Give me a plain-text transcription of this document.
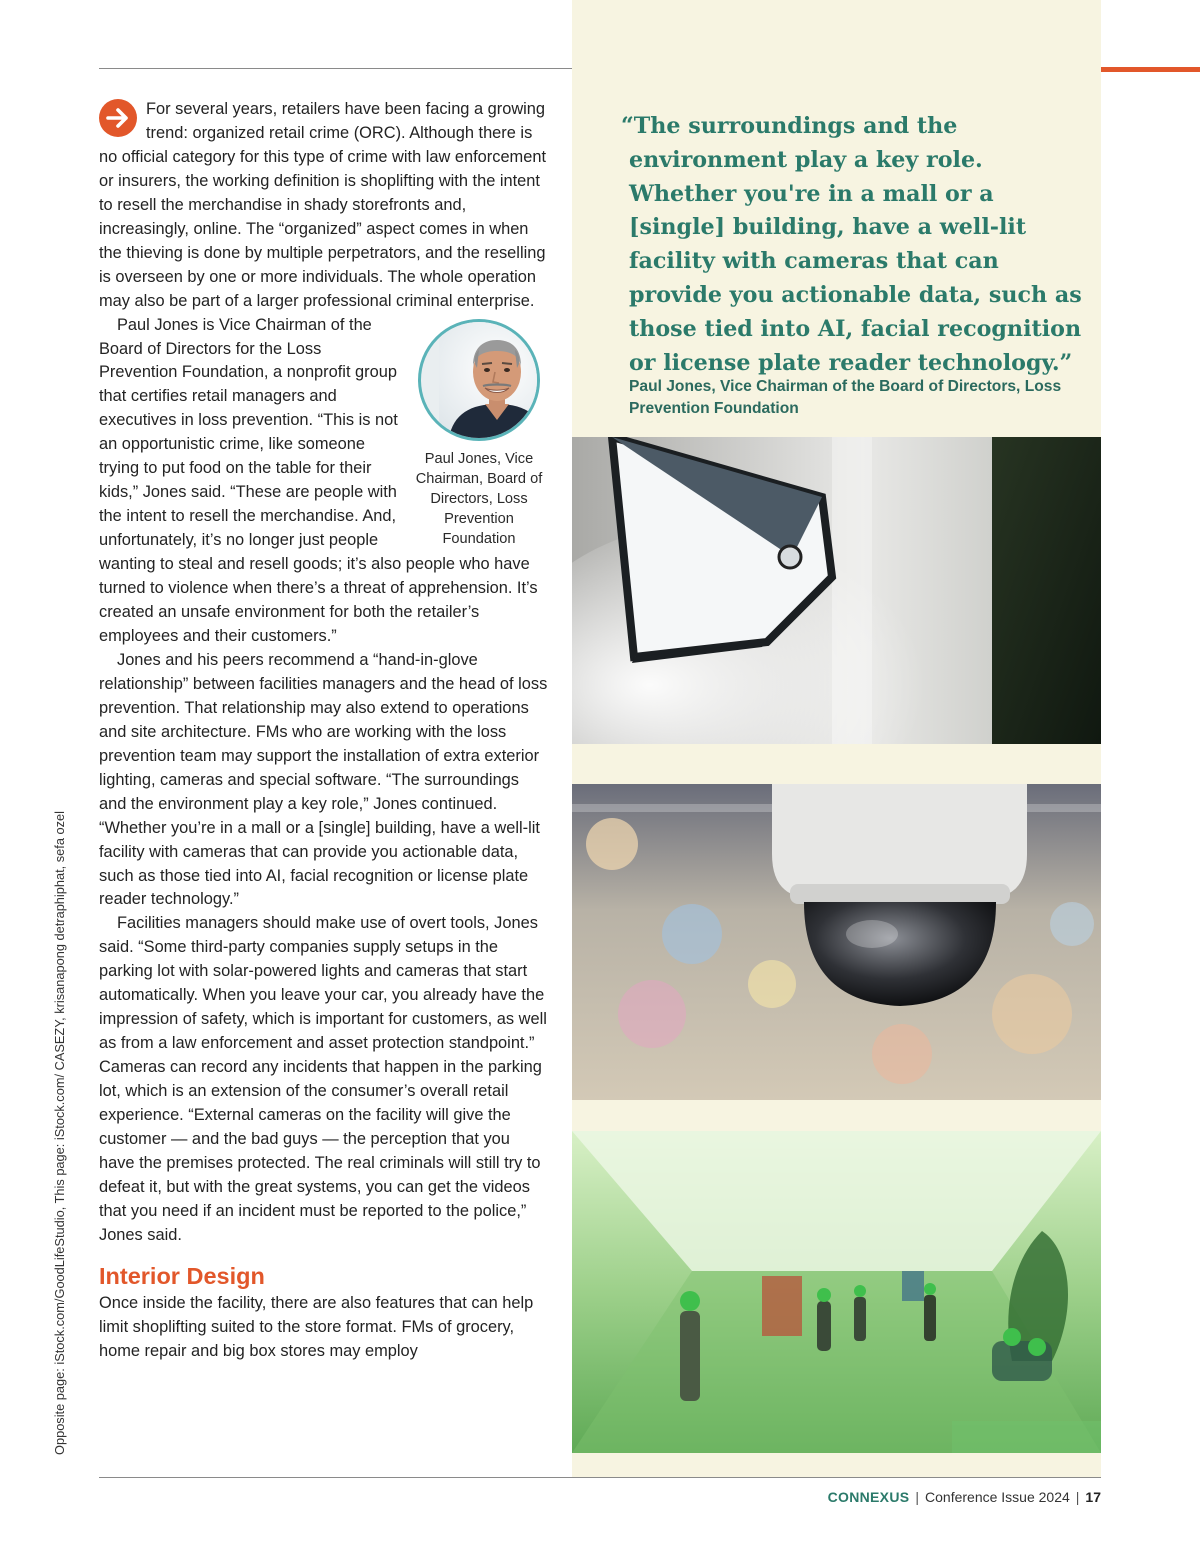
For several years, retailers have been facing a growing trend: organized retail crime (ORC). Although there is no official category for this type of crime with law enforcement or insurers, the working definition is shoplifting with the intent to resell the merchandise in shady storefronts and, increasingly, online. The “organized” aspect comes in when the thieving is done by multiple perpetrators, and the reselling is overseen by one or more individuals. The whole operation may also be part of a larger professional criminal enterprise.

Paul Jones, Vice Chairman, Board of Directors, Loss Prevention Foundation
Paul Jones is Vice Chairman of the Board of Directors for the Loss Prevention Foundation, a nonprofit group that certifies retail managers and executives in loss prevention. “This is not an opportunistic crime, like someone trying to put food on the table for their kids,” Jones said. “These are people with the intent to resell the merchandise. And, unfortunately, it’s no longer just people wanting to steal and resell goods; it’s also people who have turned to violence when there’s a threat of apprehension. It’s created an unsafe environment for both the retailer’s employees and their customers.”

Jones and his peers recommend a “hand-in-glove relationship” between facilities managers and the head of loss prevention. That relationship may also extend to operations and site architecture. FMs who are working with the loss prevention team may support the installation of extra exterior lighting, cameras and special software. “The surroundings and the environment play a key role,” Jones continued. “Whether you’re in a mall or a [single] building, have a well-lit facility with cameras that can provide you actionable data, such as those tied into AI, facial recognition or license plate reader technology.”

Facilities managers should make use of overt tools, Jones said. “Some third-party companies supply setups in the parking lot with solar-powered lights and cameras that start automatically. When you leave your car, you already have the impression of safety, which is important for customers, as well as from a law enforcement and asset protection standpoint.” Cameras can record any incidents that happen in the parking lot, which is an extension of the consumer’s overall retail experience. “External cameras on the facility will give the customer — and the bad guys — the perception that you have the premises protected. The real criminals will still try to defeat it, but with the great systems, you can get the videos that you need if an incident must be reported to the police,” Jones said.

Interior Design

Once inside the facility, there are also features that can help limit shoplifting suited to the store format. FMs of grocery, home repair and big box stores may employ

“The surroundings and the environment play a key role. Whether you're in a mall or a [single] building, have a well-lit facility with cameras that can provide you actionable data, such as those tied into AI, facial recognition or license plate reader technology.”

Paul Jones, Vice Chairman of the Board of Directors, Loss Prevention Foundation

Opposite page: iStock.com/GoodLifeStudio, This page: iStock.com/ CASEZY, krisanapong detraphiphat, sefa ozel
CONNEXUS | Conference Issue 2024 | 17
